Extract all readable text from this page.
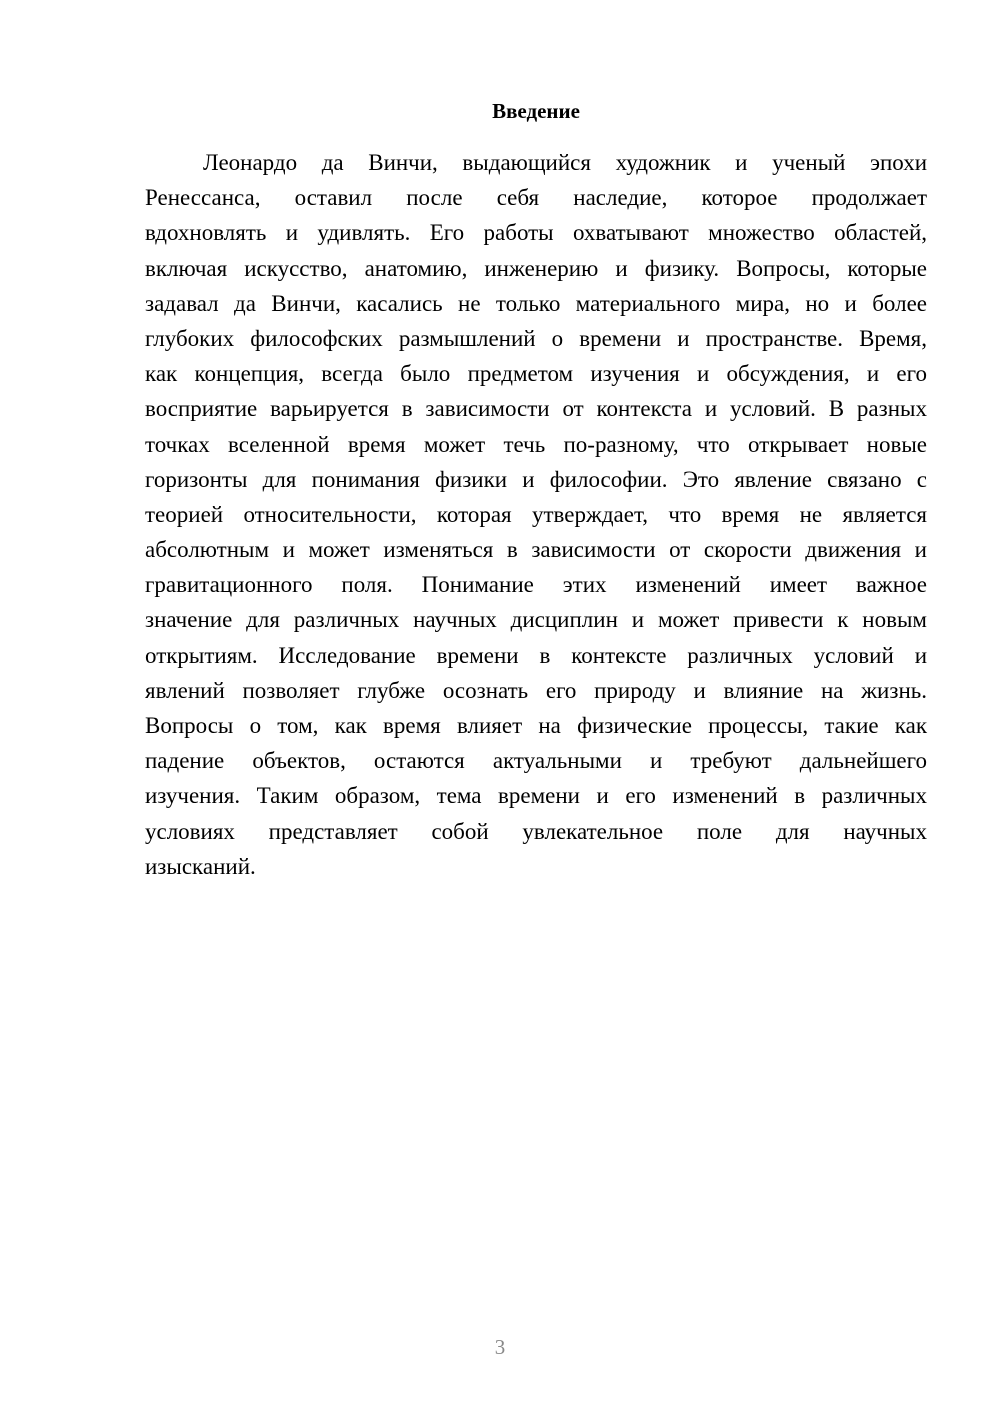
Введение
Леонардо да Винчи, выдающийся художник и ученый эпохи
Ренессанса, оставил после себя наследие, которое продолжает
вдохновлять и удивлять. Его работы охватывают множество областей,
включая искусство, анатомию, инженерию и физику. Вопросы, которые
задавал да Винчи, касались не только материального мира, но и более
глубоких философских размышлений о времени и пространстве. Время,
как концепция, всегда было предметом изучения и обсуждения, и его
восприятие варьируется в зависимости от контекста и условий. В разных
точках вселенной время может течь по-разному, что открывает новые
горизонты для понимания физики и философии. Это явление связано с
теорией относительности, которая утверждает, что время не является
абсолютным и может изменяться в зависимости от скорости движения и
гравитационного поля. Понимание этих изменений имеет важное
значение для различных научных дисциплин и может привести к новым
открытиям. Исследование времени в контексте различных условий и
явлений позволяет глубже осознать его природу и влияние на жизнь.
Вопросы о том, как время влияет на физические процессы, такие как
падение объектов, остаются актуальными и требуют дальнейшего
изучения. Таким образом, тема времени и его изменений в различных
условиях представляет собой увлекательное поле для научных
изысканий.

3
